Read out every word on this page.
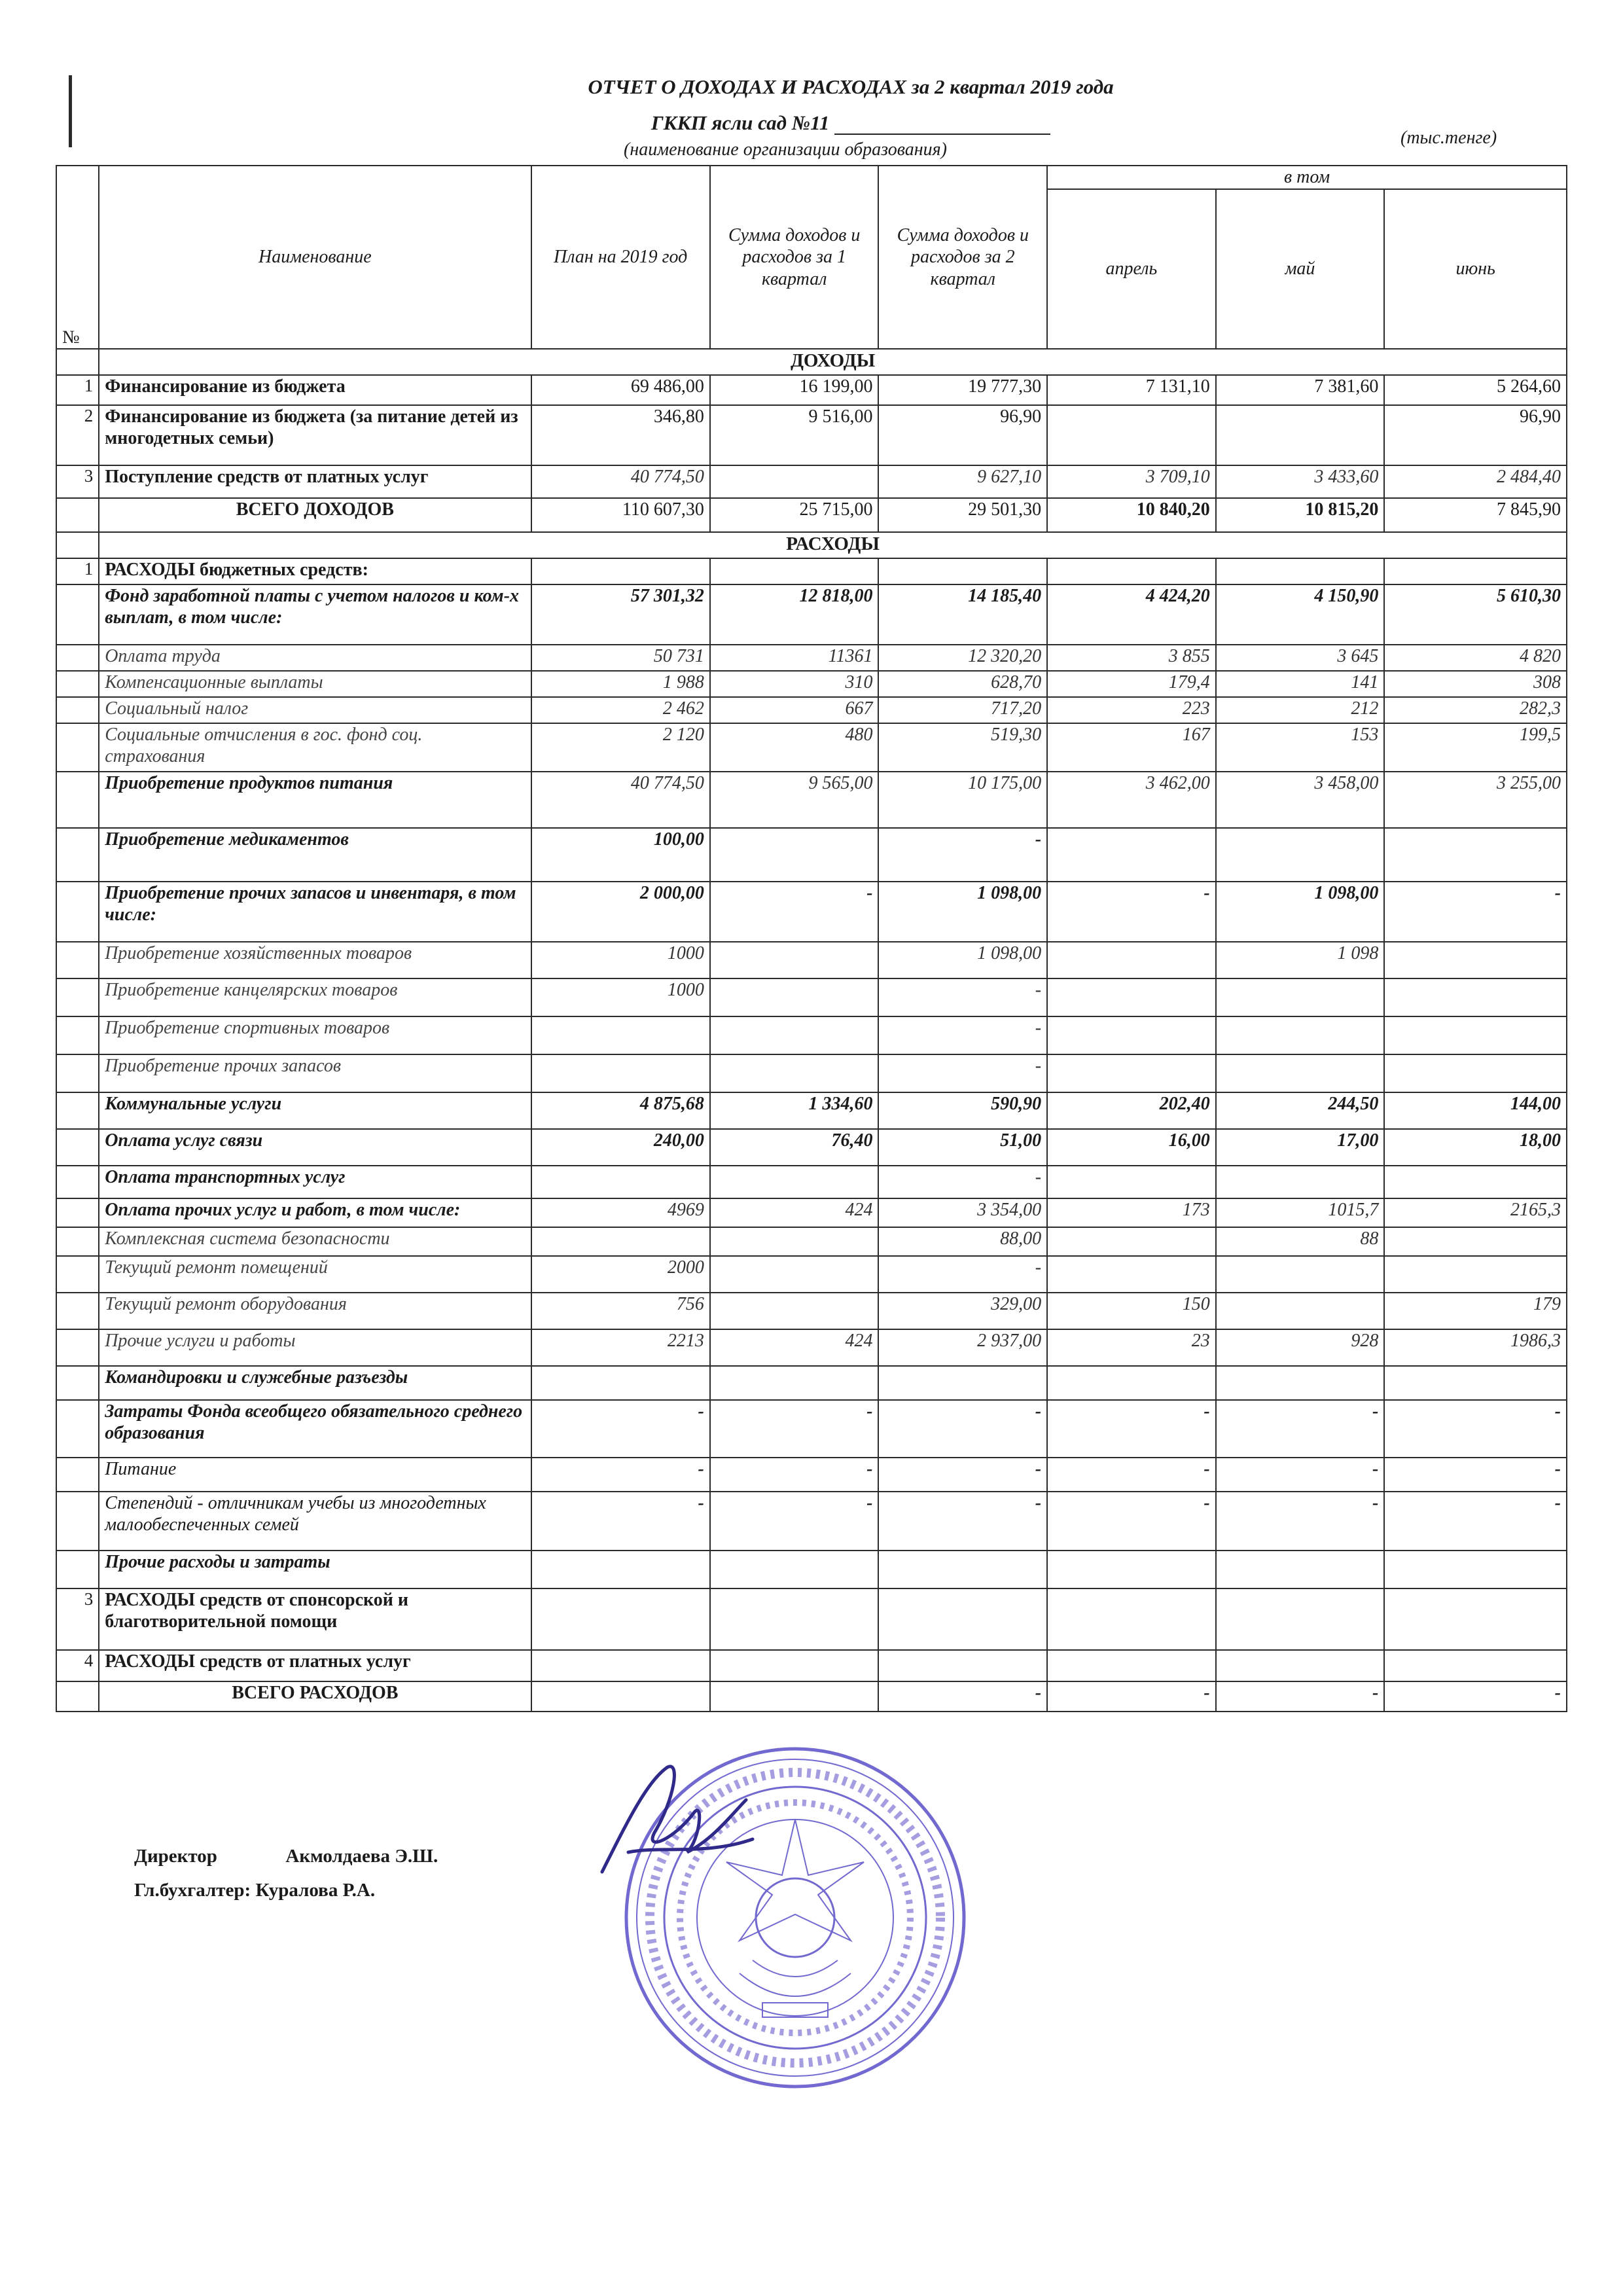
ОТЧЕТ О ДОХОДАХ И РАСХОДАХ за 2 квартал 2019 года
ГККП ясли сад №11
(наименование организации образования)
(тыс.тенге)
№	Наименование	План на 2019 год	Сумма доходов и расходов за 1 квартал	Сумма доходов и расходов за 2 квартал	в том		
					апрель	май	июнь
	ДОХОДЫ						
1	Финансирование из бюджета	69 486,00	16 199,00	19 777,30	7 131,10	7 381,60	5 264,60
2	Финансирование из бюджета (за питание детей из многодетных семьи)	346,80	9 516,00	96,90			96,90
3	Поступление средств от платных услуг	40 774,50		9 627,10	3 709,10	3 433,60	2 484,40
	ВСЕГО ДОХОДОВ	110 607,30	25 715,00	29 501,30	10 840,20	10 815,20	7 845,90
	РАСХОДЫ						
1	РАСХОДЫ бюджетных средств:						
	Фонд заработной платы с учетом налогов и ком-х выплат, в том числе:	57 301,32	12 818,00	14 185,40	4 424,20	4 150,90	5 610,30
	Оплата труда	50 731	11361	12 320,20	3 855	3 645	4 820
	Компенсационные выплаты	1 988	310	628,70	179,4	141	308
	Социальный налог	2 462	667	717,20	223	212	282,3
	Социальные отчисления в гос. фонд соц. страхования	2 120	480	519,30	167	153	199,5
	Приобретение продуктов питания	40 774,50	9 565,00	10 175,00	3 462,00	3 458,00	3 255,00
	Приобретение медикаментов	100,00		-			
	Приобретение прочих запасов и инвентаря, в том числе:	2 000,00	-	1 098,00	-	1 098,00	-
	Приобретение хозяйственных товаров	1000		1 098,00		1 098	
	Приобретение канцелярских товаров	1000		-			
	Приобретение спортивных товаров			-			
	Приобретение прочих запасов			-			
	Коммунальные услуги	4 875,68	1 334,60	590,90	202,40	244,50	144,00
	Оплата услуг связи	240,00	76,40	51,00	16,00	17,00	18,00
	Оплата транспортных услуг			-			
	Оплата прочих услуг и работ, в том числе:	4969	424	3 354,00	173	1015,7	2165,3
	Комплексная система безопасности			88,00		88	
	Текущий ремонт помещений	2000		-			
	Текущий ремонт оборудования	756		329,00	150		179
	Прочие услуги и работы	2213	424	2 937,00	23	928	1986,3
	Командировки и служебные разъезды						
	Затраты Фонда всеобщего обязательного среднего образования	-	-	-	-	-	-
	Питание	-	-	-	-	-	-
	Степендий - отличникам учебы из многодетных малообеспеченных семей	-	-	-	-	-	-
	Прочие расходы и затраты						
3	РАСХОДЫ средств от спонсорской и благотворительной помощи						
4	РАСХОДЫ средств от платных услуг						
	ВСЕГО РАСХОДОВ			-	-	-	-
Директор	Акмолдаева Э.Ш.
Гл.бухгалтер: Куралова Р.А.
